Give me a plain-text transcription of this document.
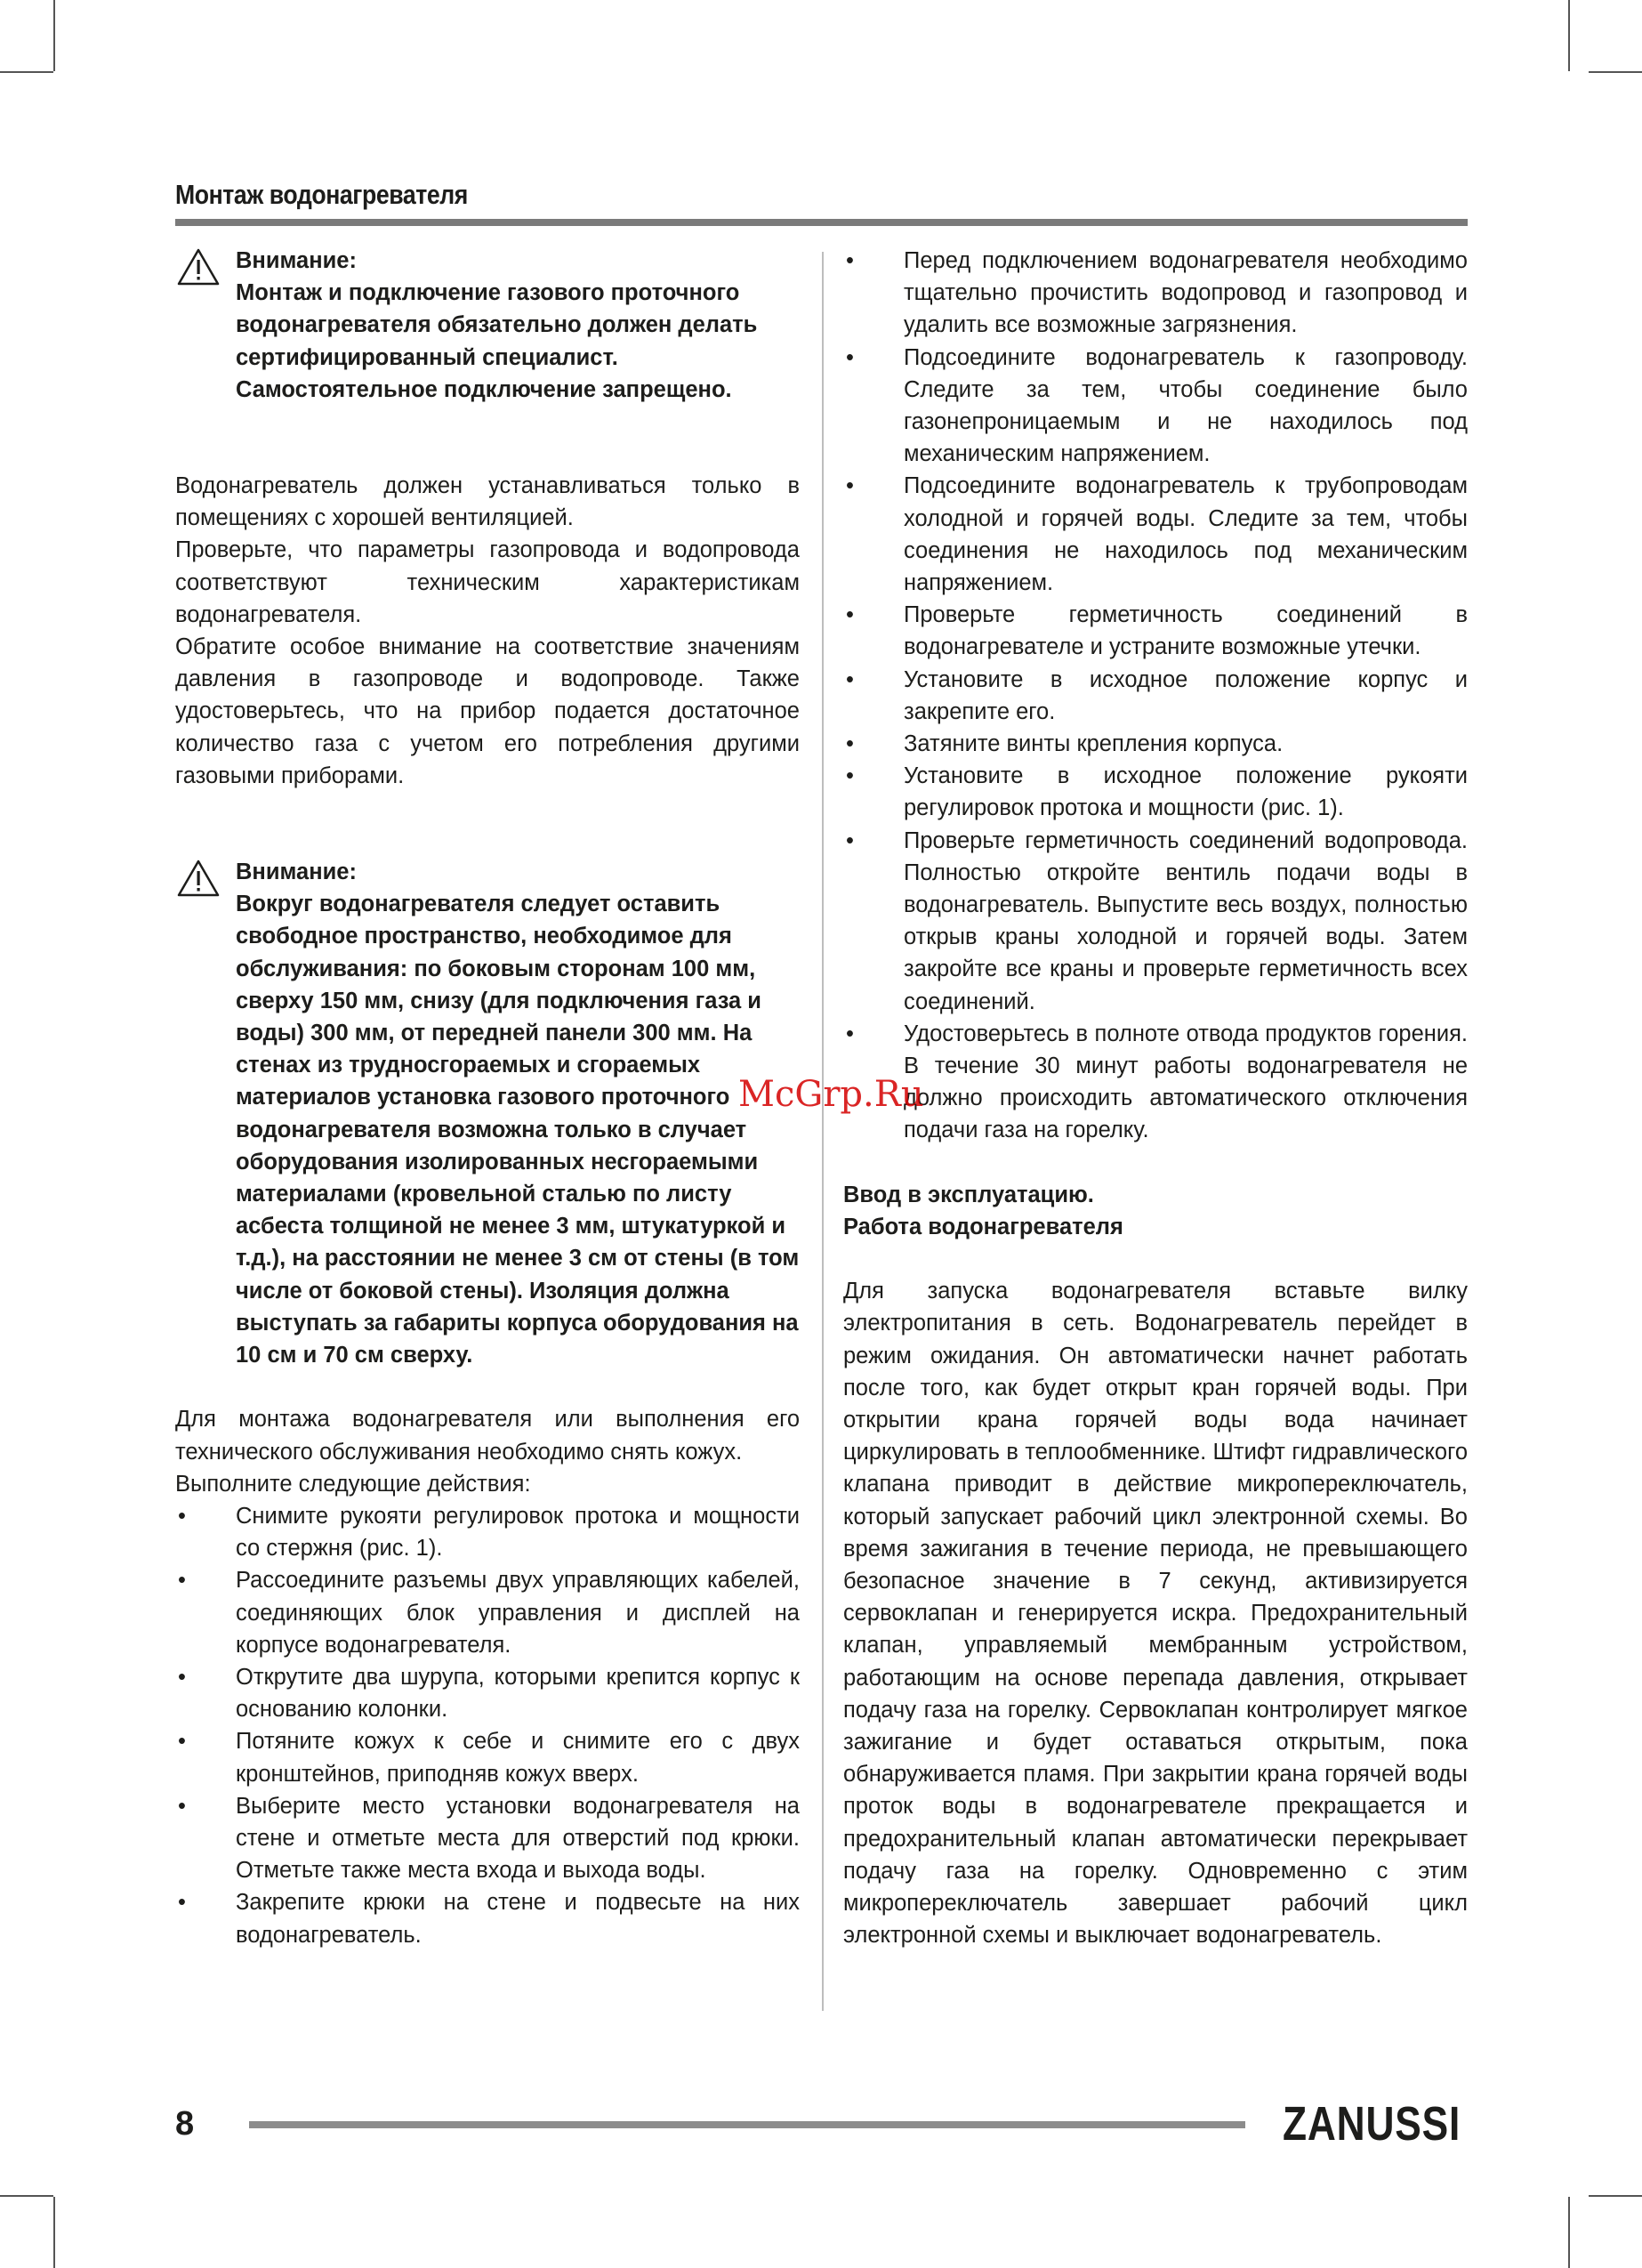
Монтаж водонагревателя
Внимание:
Монтаж и подключение газового проточного водонагревателя обязательно должен делать сертифицированный специалист. Самостоятельное подключение запрещено.

Водонагреватель должен устанавливаться только в помещениях с хорошей вентиляцией.

Проверьте, что параметры газопровода и водопровода соответствуют техническим характеристикам водонагревателя.

Обратите особое внимание на соответствие значениям давления в газопроводе и водопроводе. Также удостоверьтесь, что на прибор подается достаточное количество газа с учетом его потребления другими газовыми приборами.

Внимание:
Вокруг водонагревателя следует оставить свободное пространство, необходимое для обслуживания: по боковым сторонам 100 мм, сверху 150 мм, снизу (для подключения газа и воды) 300 мм, от передней панели 300 мм. На стенах из трудносгораемых и сгораемых материалов установка газового проточного водонагревателя возможна только в случает оборудования изолированных несгораемыми материалами (кровельной сталью по листу асбеста толщиной не менее 3 мм, штукатуркой и т.д.), на расстоянии не менее 3 см от стены (в том числе от боковой стены). Изоляция должна выступать за габариты корпуса оборудования на 10 см и 70 см сверху.

Для монтажа водонагревателя или выполнения его технического обслуживания необходимо снять кожух.

Выполните следующие действия:

• Снимите рукояти регулировок протока и мощности со стержня (рис. 1).
• Рассоедините разъемы двух управляющих кабелей, соединяющих блок управления и дисплей на корпусе водонагревателя.
• Открутите два шурупа, которыми крепится корпус к основанию колонки.
• Потяните кожух к себе и снимите его с двух кронштейнов, приподняв кожух вверх.
• Выберите место установки водонагревателя на стене и отметьте места для отверстий под крюки. Отметьте также места входа и выхода воды.
• Закрепите крюки на стене и подвесьте на них водонагреватель.
• Перед подключением водонагревателя необходимо тщательно прочистить водопровод и газопровод и удалить все возможные загрязнения.
• Подсоедините водонагреватель к газопроводу. Следите за тем, чтобы соединение было газонепроницаемым и не находилось под механическим напряжением.
• Подсоедините водонагреватель к трубопроводам холодной и горячей воды. Следите за тем, чтобы соединения не находилось под механическим напряжением.
• Проверьте герметичность соединений в водонагревателе и устраните возможные утечки.
• Установите в исходное положение корпус и закрепите его.
• Затяните винты крепления корпуса.
• Установите в исходное положение рукояти регулировок протока и мощности (рис. 1).
• Проверьте герметичность соединений водопровода. Полностью откройте вентиль подачи воды в водонагреватель. Выпустите весь воздух, полностью открыв краны холодной и горячей воды. Затем закройте все краны и проверьте герметичность всех соединений.
• Удостоверьтесь в полноте отвода продуктов горения. В течение 30 минут работы водонагревателя не должно происходить автоматического отключения подачи газа на горелку.

Ввод в эксплуатацию.

Работа водонагревателя

Для запуска водонагревателя вставьте вилку электропитания в сеть. Водонагреватель перейдет в режим ожидания. Он автоматически начнет работать после того, как будет открыт кран горячей воды. При открытии крана горячей воды вода начинает циркулировать в теплообменнике. Штифт гидравлического клапана приводит в действие микропереключатель, который запускает рабочий цикл электронной схемы. Во время зажигания в течение периода, не превышающего безопасное значение в 7 секунд, активизируется сервоклапан и генерируется искра. Предохранительный клапан, управляемый мембранным устройством, работающим на основе перепада давления, открывает подачу газа на горелку. Сервоклапан контролирует мягкое зажигание и будет оставаться открытым, пока обнаруживается пламя. При закрытии крана горячей воды проток воды в водонагревателе прекращается и предохранительный клапан автоматически перекрывает подачу газа на горелку. Одновременно с этим микропереключатель завершает рабочий цикл электронной схемы и выключает водонагреватель.

McGrp.Ru
8	ZANUSSI
